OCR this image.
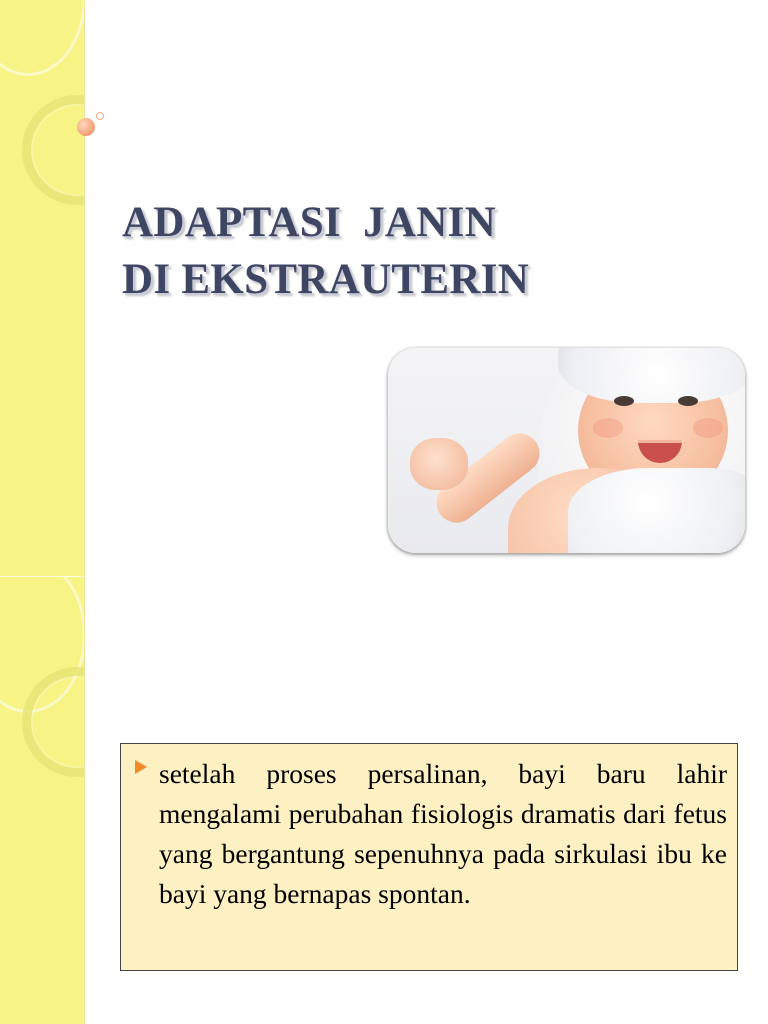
ADAPTASI  JANIN
DI EKSTRAUTERIN

setelah proses persalinan, bayi baru lahir mengalami perubahan fisiologis dramatis dari fetus yang bergantung sepenuhnya pada sirkulasi ibu ke bayi yang bernapas spontan.
